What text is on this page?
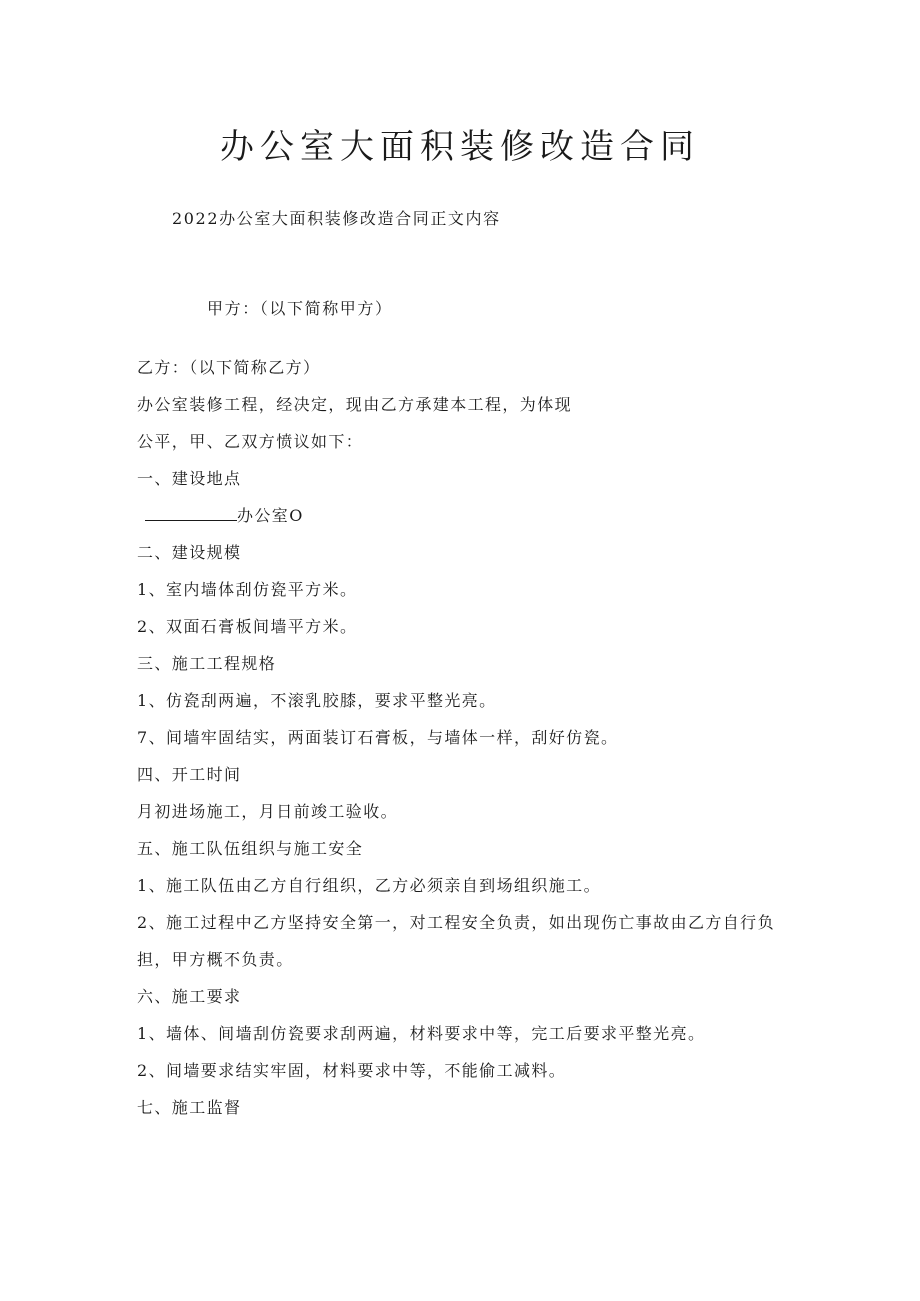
办公室大面积装修改造合同
2022办公室大面积装修改造合同正文内容
甲方：（以下简称甲方）
乙方：（以下简称乙方）
办公室装修工程，经决定，现由乙方承建本工程，为体现
公平，甲、乙双方愤议如下：
一、建设地点
办公室O
二、建设规模
1、室内墙体刮仿瓷平方米。
2、双面石膏板间墙平方米。
三、施工工程规格
1、仿瓷刮两遍，不滚乳胶膝，要求平整光亮。
7、间墙牢固结实，两面装订石膏板，与墙体一样，刮好仿瓷。
四、开工时间
月初进场施工，月日前竣工验收。
五、施工队伍组织与施工安全
1、施工队伍由乙方自行组织，乙方必须亲自到场组织施工。
2、施工过程中乙方坚持安全第一，对工程安全负责，如出现伤亡事故由乙方自行负
担，甲方概不负责。
六、施工要求
1、墙体、间墙刮仿瓷要求刮两遍，材料要求中等，完工后要求平整光亮。
2、间墙要求结实牢固，材料要求中等，不能偷工减料。
七、施工监督
